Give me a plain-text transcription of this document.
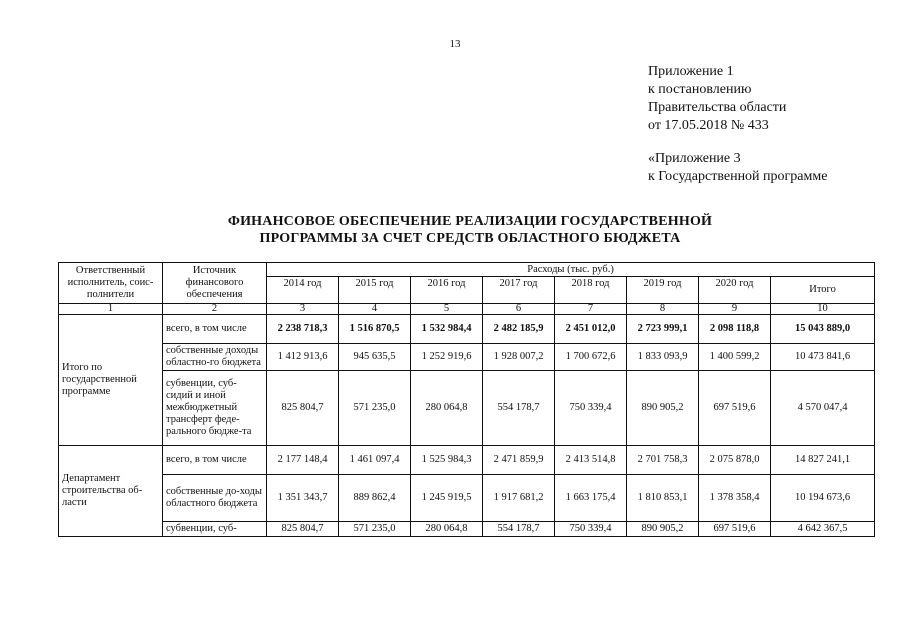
13
Приложение 1
к постановлению
Правительства области
от 17.05.2018 № 433
«Приложение 3
к Государственной программе
ФИНАНСОВОЕ ОБЕСПЕЧЕНИЕ РЕАЛИЗАЦИИ ГОСУДАРСТВЕННОЙ
ПРОГРАММЫ ЗА СЧЕТ СРЕДСТВ ОБЛАСТНОГО БЮДЖЕТА
Ответственный исполнитель, соис-полнители	Источник финансового обеспечения	Расходы (тыс. руб.)							
		2014 год	2015 год	2016 год	2017 год	2018 год	2019 год	2020 год	Итого
1	2	3	4	5	6	7	8	9	10
Итого по государственной программе	всего, в том числе	2 238 718,3	1 516 870,5	1 532 984,4	2 482 185,9	2 451 012,0	2 723 999,1	2 098 118,8	15 043 889,0
	собственные доходы областно-го бюджета	1 412 913,6	945 635,5	1 252 919,6	1 928 007,2	1 700 672,6	1 833 093,9	1 400 599,2	10 473 841,6
	субвенции, суб-сидий и иной межбюджетный трансферт феде-рального бюдже-та	825 804,7	571 235,0	280 064,8	554 178,7	750 339,4	890 905,2	697 519,6	4 570 047,4
Департамент строительства об-ласти	всего, в том числе	2 177 148,4	1 461 097,4	1 525 984,3	2 471 859,9	2 413 514,8	2 701 758,3	2 075 878,0	14 827 241,1
	собственные до-ходы областного бюджета	1 351 343,7	889 862,4	1 245 919,5	1 917 681,2	1 663 175,4	1 810 853,1	1 378 358,4	10 194 673,6
	субвенции, суб-	825 804,7	571 235,0	280 064,8	554 178,7	750 339,4	890 905,2	697 519,6	4 642 367,5
